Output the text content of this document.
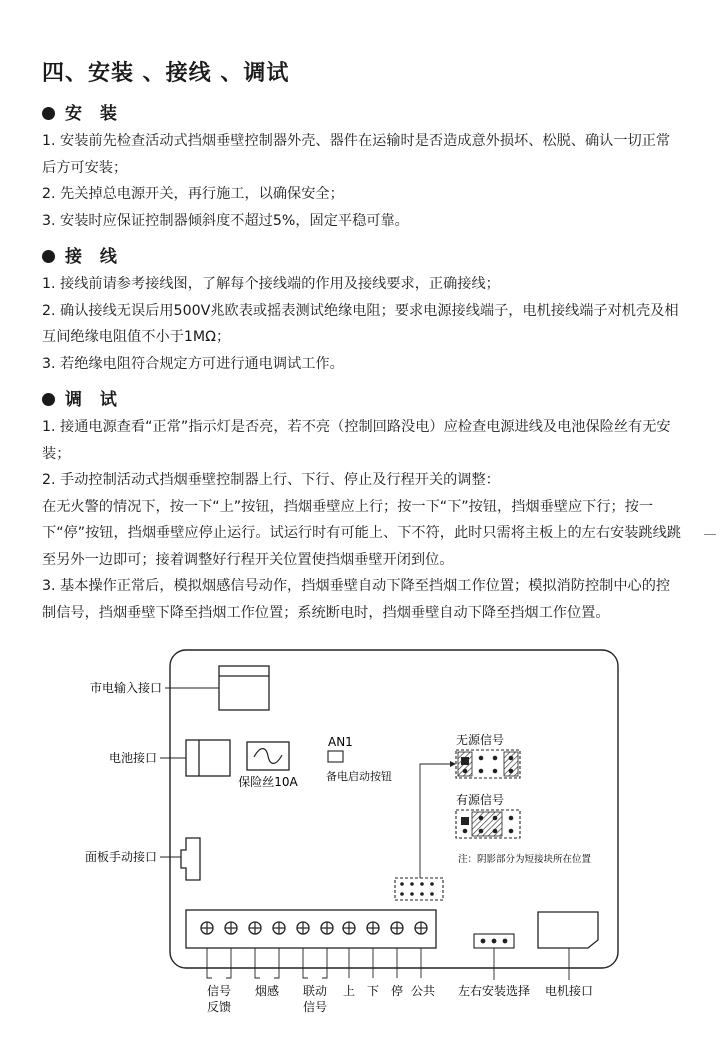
四、安装 、接线 、调试
安 装

1. 安装前先检查活动式挡烟垂壁控制器外壳、器件在运输时是否造成意外损坏、松脱、确认一切正常后方可安装；

2. 先关掉总电源开关，再行施工，以确保安全；

3. 安装时应保证控制器倾斜度不超过5%，固定平稳可靠。

接 线

1. 接线前请参考接线图，了解每个接线端的作用及接线要求，正确接线；

2. 确认接线无误后用500V兆欧表或摇表测试绝缘电阻；要求电源接线端子，电机接线端子对机壳及相互间绝缘电阻值不小于1MΩ；

3. 若绝缘电阻符合规定方可进行通电调试工作。

调 试

1. 接通电源查看“正常”指示灯是否亮，若不亮（控制回路没电）应检查电源进线及电池保险丝有无安装；

2. 手动控制活动式挡烟垂壁控制器上行、下行、停止及行程开关的调整：

在无火警的情况下，按一下“上”按钮，挡烟垂壁应上行；按一下“下”按钮，挡烟垂壁应下行；按一下“停”按钮，挡烟垂壁应停止运行。试运行时有可能上、下不符，此时只需将主板上的左右安装跳线跳至另外一边即可；接着调整好行程开关位置使挡烟垂壁开闭到位。

3. 基本操作正常后，模拟烟感信号动作，挡烟垂壁自动下降至挡烟工作位置；模拟消防控制中心的控制信号，挡烟垂壁下降至挡烟工作位置；系统断电时，挡烟垂壁自动下降至挡烟工作位置。

市电输入接口
电池接口
保险丝10A
AN1
备电启动按钮
面板手动接口
无源信号
有源信号
注：阴影部分为短接块所在位置
信号
反馈
烟感 联动
信号
上 下 停 公共 左右安装选择 电机接口
